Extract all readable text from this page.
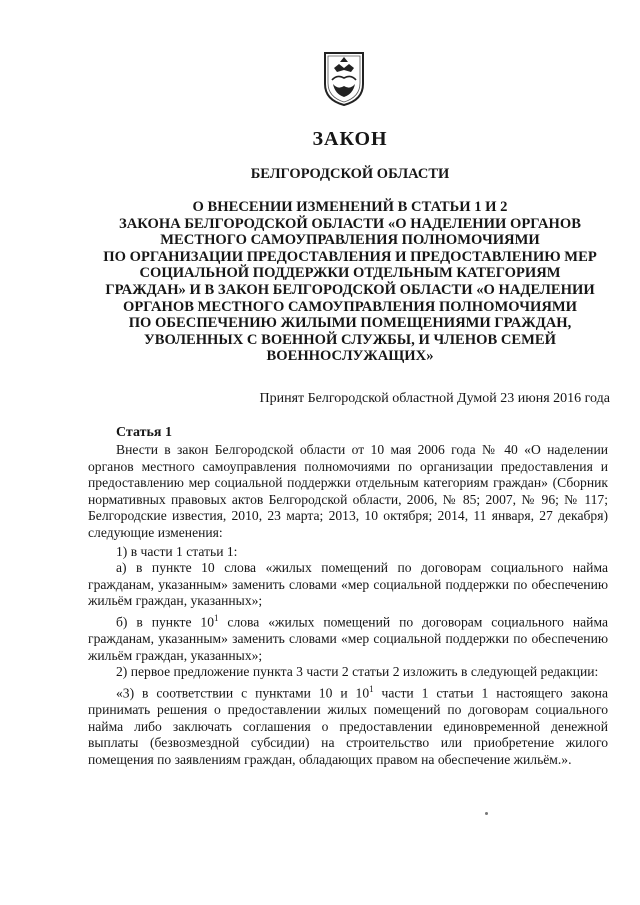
ЗАКОН
БЕЛГОРОДСКОЙ ОБЛАСТИ
О ВНЕСЕНИИ ИЗМЕНЕНИЙ В СТАТЬИ 1 И 2
ЗАКОНА БЕЛГОРОДСКОЙ ОБЛАСТИ «О НАДЕЛЕНИИ ОРГАНОВ
МЕСТНОГО САМОУПРАВЛЕНИЯ ПОЛНОМОЧИЯМИ
ПО ОРГАНИЗАЦИИ ПРЕДОСТАВЛЕНИЯ И ПРЕДОСТАВЛЕНИЮ МЕР
СОЦИАЛЬНОЙ ПОДДЕРЖКИ ОТДЕЛЬНЫМ КАТЕГОРИЯМ
ГРАЖДАН» И В ЗАКОН БЕЛГОРОДСКОЙ ОБЛАСТИ «О НАДЕЛЕНИИ
ОРГАНОВ МЕСТНОГО САМОУПРАВЛЕНИЯ ПОЛНОМОЧИЯМИ
ПО ОБЕСПЕЧЕНИЮ ЖИЛЫМИ ПОМЕЩЕНИЯМИ ГРАЖДАН,
УВОЛЕННЫХ С ВОЕННОЙ СЛУЖБЫ, И ЧЛЕНОВ СЕМЕЙ
ВОЕННОСЛУЖАЩИХ»

Принят Белгородской областной Думой 23 июня 2016 года

Статья 1

Внести в закон Белгородской области от 10 мая 2006 года № 40 «О наделении органов местного самоуправления полномочиями по организации предоставления и предоставлению мер социальной поддержки отдельным категориям граждан» (Сборник нормативных правовых актов Белгородской области, 2006, № 85; 2007, № 96; № 117; Белгородские известия, 2010, 23 марта; 2013, 10 октября; 2014, 11 января, 27 декабря) следующие изменения:

1) в части 1 статьи 1:

а) в пункте 10 слова «жилых помещений по договорам социального найма гражданам, указанным» заменить словами «мер социальной поддержки по обеспечению жильём граждан, указанных»;

б) в пункте $10^1$ слова «жилых помещений по договорам социального найма гражданам, указанным» заменить словами «мер социальной поддержки по обеспечению жильём граждан, указанных»;

2) первое предложение пункта 3 части 2 статьи 2 изложить в следующей редакции:

«3) в соответствии с пунктами 10 и $10^1$ части 1 статьи 1 настоящего закона принимать решения о предоставлении жилых помещений по договорам социального найма либо заключать соглашения о предоставлении единовременной денежной выплаты (безвозмездной субсидии) на строительство или приобретение жилого помещения по заявлениям граждан, обладающих правом на обеспечение жильём.».
